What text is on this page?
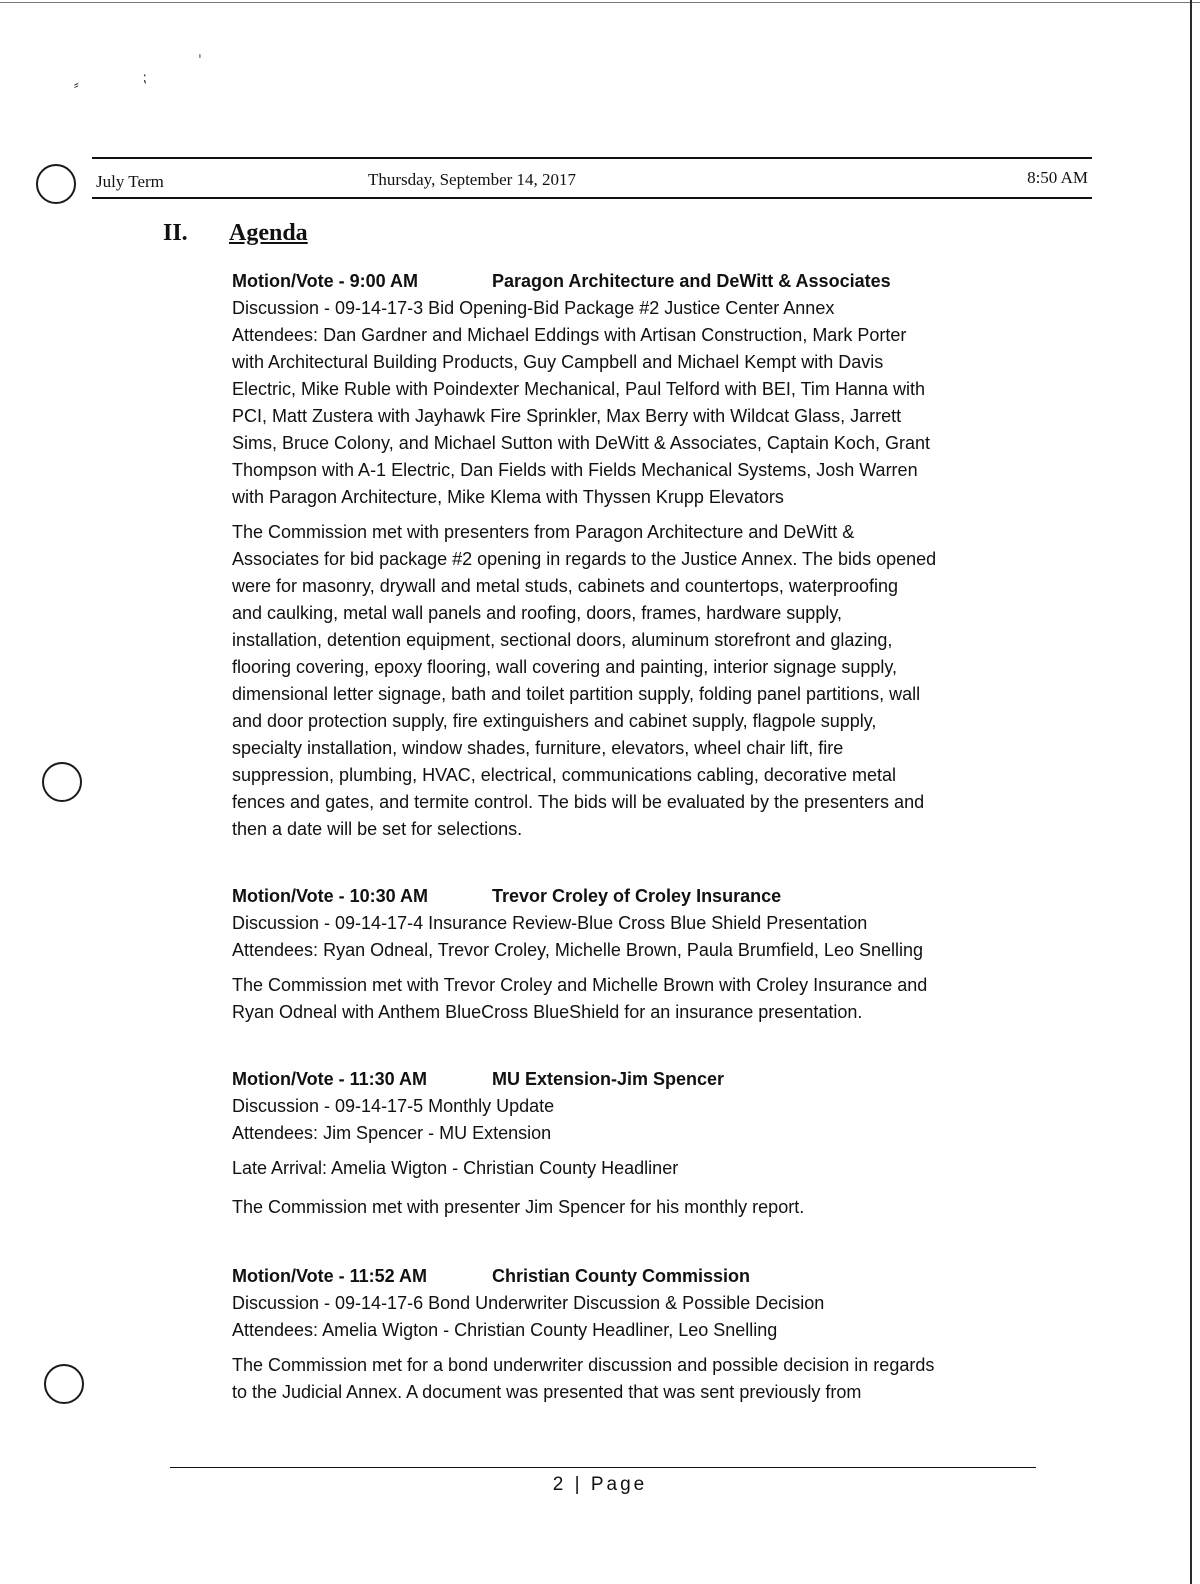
⸗	⁏
ˌ
July Term	Thursday, September 14, 2017	8:50 AM
II. Agenda
Motion/Vote - 9:00 AM	Paragon Architecture and DeWitt & Associates
Discussion - 09-14-17-3 Bid Opening-Bid Package #2 Justice Center Annex
Attendees: Dan Gardner and Michael Eddings with Artisan Construction, Mark Porter
with Architectural Building Products, Guy Campbell and Michael Kempt with Davis
Electric, Mike Ruble with Poindexter Mechanical, Paul Telford with BEI, Tim Hanna with
PCI, Matt Zustera with Jayhawk Fire Sprinkler, Max Berry with Wildcat Glass, Jarrett
Sims, Bruce Colony, and Michael Sutton with DeWitt & Associates, Captain Koch, Grant
Thompson with A-1 Electric, Dan Fields with Fields Mechanical Systems, Josh Warren
with Paragon Architecture, Mike Klema with Thyssen Krupp Elevators
The Commission met with presenters from Paragon Architecture and DeWitt &
Associates for bid package #2 opening in regards to the Justice Annex. The bids opened
were for masonry, drywall and metal studs, cabinets and countertops, waterproofing
and caulking, metal wall panels and roofing, doors, frames, hardware supply,
installation, detention equipment, sectional doors, aluminum storefront and glazing,
flooring covering, epoxy flooring, wall covering and painting, interior signage supply,
dimensional letter signage, bath and toilet partition supply, folding panel partitions, wall
and door protection supply, fire extinguishers and cabinet supply, flagpole supply,
specialty installation, window shades, furniture, elevators, wheel chair lift, fire
suppression, plumbing, HVAC, electrical, communications cabling, decorative metal
fences and gates, and termite control. The bids will be evaluated by the presenters and
then a date will be set for selections.
Motion/Vote - 10:30 AM	Trevor Croley of Croley Insurance
Discussion - 09-14-17-4 Insurance Review-Blue Cross Blue Shield Presentation
Attendees: Ryan Odneal, Trevor Croley, Michelle Brown, Paula Brumfield, Leo Snelling
The Commission met with Trevor Croley and Michelle Brown with Croley Insurance and
Ryan Odneal with Anthem BlueCross BlueShield for an insurance presentation.
Motion/Vote - 11:30 AM	MU Extension-Jim Spencer
Discussion - 09-14-17-5 Monthly Update
Attendees: Jim Spencer - MU Extension
Late Arrival: Amelia Wigton - Christian County Headliner
The Commission met with presenter Jim Spencer for his monthly report.
Motion/Vote - 11:52 AM	Christian County Commission
Discussion - 09-14-17-6 Bond Underwriter Discussion & Possible Decision
Attendees: Amelia Wigton - Christian County Headliner, Leo Snelling
The Commission met for a bond underwriter discussion and possible decision in regards
to the Judicial Annex. A document was presented that was sent previously from
2 | Page
